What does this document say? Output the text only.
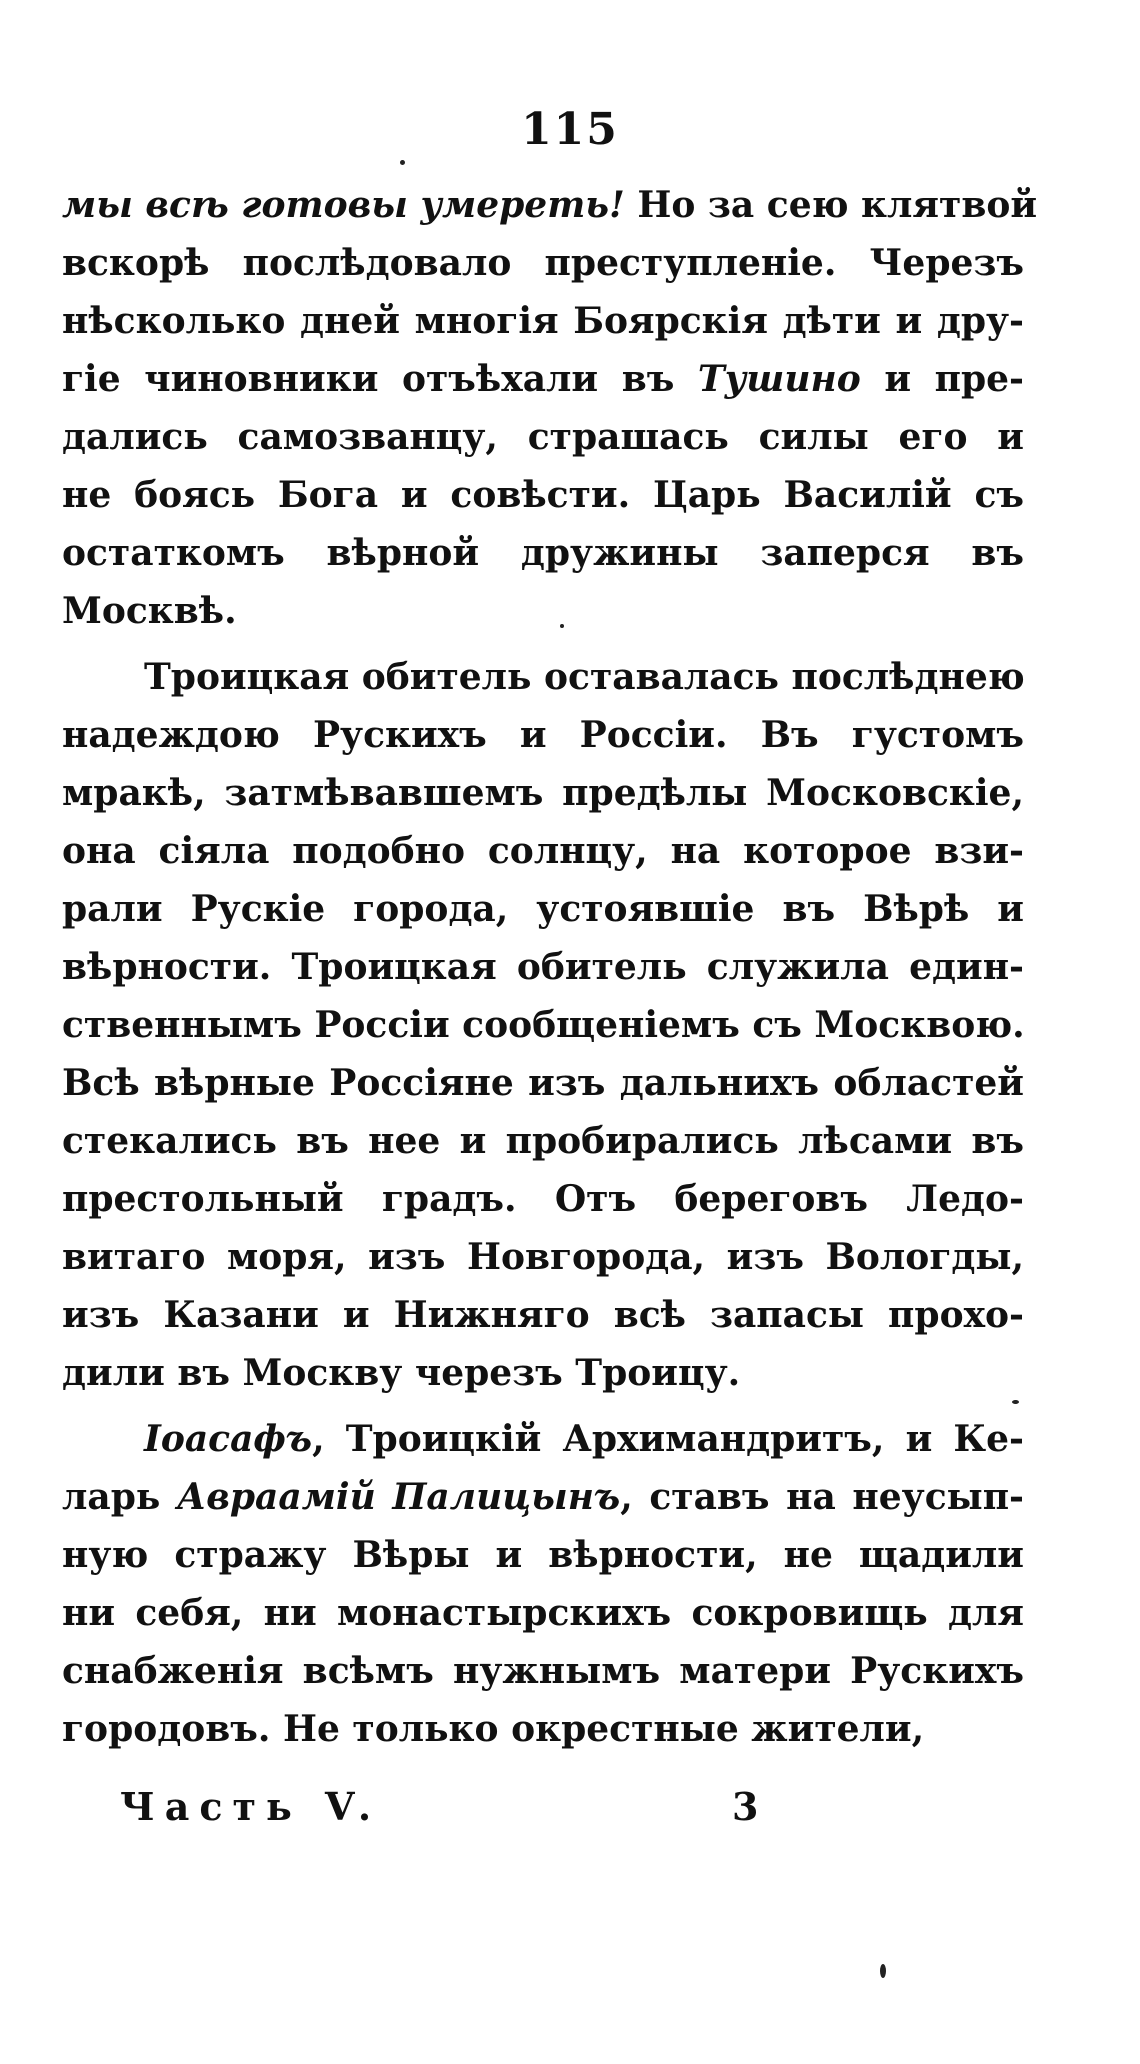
115
мы всѣ готовы умереть! Но за сею клятвой
вскорѣ послѣдовало преступленіе. Черезъ
нѣсколько дней многія Боярскія дѣти и дру-
гіе чиновники отъѣхали въ Тушино и пре-
дались самозванцу, страшась силы его и
не боясь Бога и совѣсти. Царь Василій съ
остаткомъ вѣрной дружины заперся въ
Москвѣ.
Троицкая обитель оставалась послѣднею
надеждою Рускихъ и Россіи. Въ густомъ
мракѣ, затмѣвавшемъ предѣлы Московскіе,
она сіяла подобно солнцу, на которое взи-
рали Рускіе города, устоявшіе въ Вѣрѣ и
вѣрности. Троицкая обитель служила един-
ственнымъ Россіи сообщеніемъ съ Москвою.
Всѣ вѣрные Россіяне изъ дальнихъ областей
стекались въ нее и пробирались лѣсами въ
престольный градъ. Отъ береговъ Ледо-
витаго моря, изъ Новгорода, изъ Вологды,
изъ Казани и Нижняго всѣ запасы прохо-
дили въ Москву черезъ Троицу.
Іоасафъ, Троицкій Архимандритъ, и Ке-
ларь Авраамій Палицынъ, ставъ на неусып-
ную стражу Вѣры и вѣрности, не щадили
ни себя, ни монастырскихъ сокровищь для
снабженія всѣмъ нужнымъ матери Рускихъ
городовъ. Не только окрестные жители,
Часть V.	3
